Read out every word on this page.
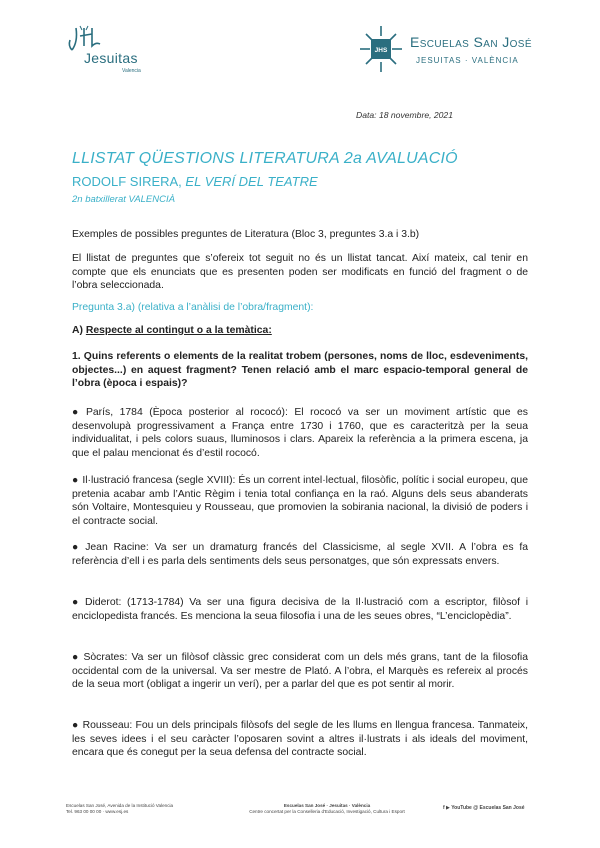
Jesuitas
Valencia
JHS
Escuelas San José
JESUITAS · VALÈNCIA
Data: 18 novembre, 2021
LLISTAT QÜESTIONS LITERATURA 2a AVALUACIÓ
RODOLF SIRERA, EL VERÍ DEL TEATRE
2n batxillerat VALENCIÀ
Exemples de possibles preguntes de Literatura (Bloc 3, preguntes 3.a i 3.b)
El llistat de preguntes que s’ofereix tot seguit no és un llistat tancat. Així mateix, cal tenir en compte que els enunciats que es presenten poden ser modificats en funció del fragment o de l’obra seleccionada.
Pregunta 3.a) (relativa a l’anàlisi de l’obra/fragment):
A) Respecte al contingut o a la temàtica:
1. Quins referents o elements de la realitat trobem (persones, noms de lloc, esdeveniments, objectes...) en aquest fragment? Tenen relació amb el marc espacio-temporal general de l’obra (època i espais)?
● París, 1784 (Època posterior al rococó): El rococó va ser un moviment artístic que es desenvolupà progressivament a França entre 1730 i 1760, que es caracteritzà per la seua individualitat, i pels colors suaus, lluminosos i clars. Apareix la referència a la primera escena, ja que el palau mencionat és d’estil rococó.
● Il·lustració francesa (segle XVIII): És un corrent intel·lectual, filosòfic, polític i social europeu, que pretenia acabar amb l’Antic Règim i tenia total confiança en la raó. Alguns dels seus abanderats són Voltaire, Montesquieu y Rousseau, que promovien la sobirania nacional, la divisió de poders i el contracte social.
● Jean Racine: Va ser un dramaturg francés del Classicisme, al segle XVII. A l’obra es fa referència d’ell i es parla dels sentiments dels seus personatges, que són expressats envers.
● Diderot: (1713-1784) Va ser una figura decisiva de la Il·lustració com a escriptor, filòsof i enciclopedista francés. Es menciona la seua filosofia i una de les seues obres, “L’enciclopèdia”.
● Sòcrates: Va ser un filòsof clàssic grec considerat com un dels més grans, tant de la filosofia occidental com de la universal. Va ser mestre de Plató. A l’obra, el Marquès es refereix al procés de la seua mort (obligat a ingerir un verí), per a parlar del que es pot sentir al morir.
● Rousseau: Fou un dels principals filòsofs del segle de les llums en llengua francesa. Tanmateix, les seves idees i el seu caràcter l’oposaren sovint a altres il·lustrats i als ideals del moviment, encara que és conegut per la seua defensa del contracte social.
Escuelas San José, Avenida de la Institució Valencia
Tel. 963 00 00 00 · www.esj.es
Escuelas San José · Jesuitas · València
Centre concertat per la Conselleria d'Educació, Investigació, Cultura i Esport
f ▶ YouTube @ Escuelas San José
